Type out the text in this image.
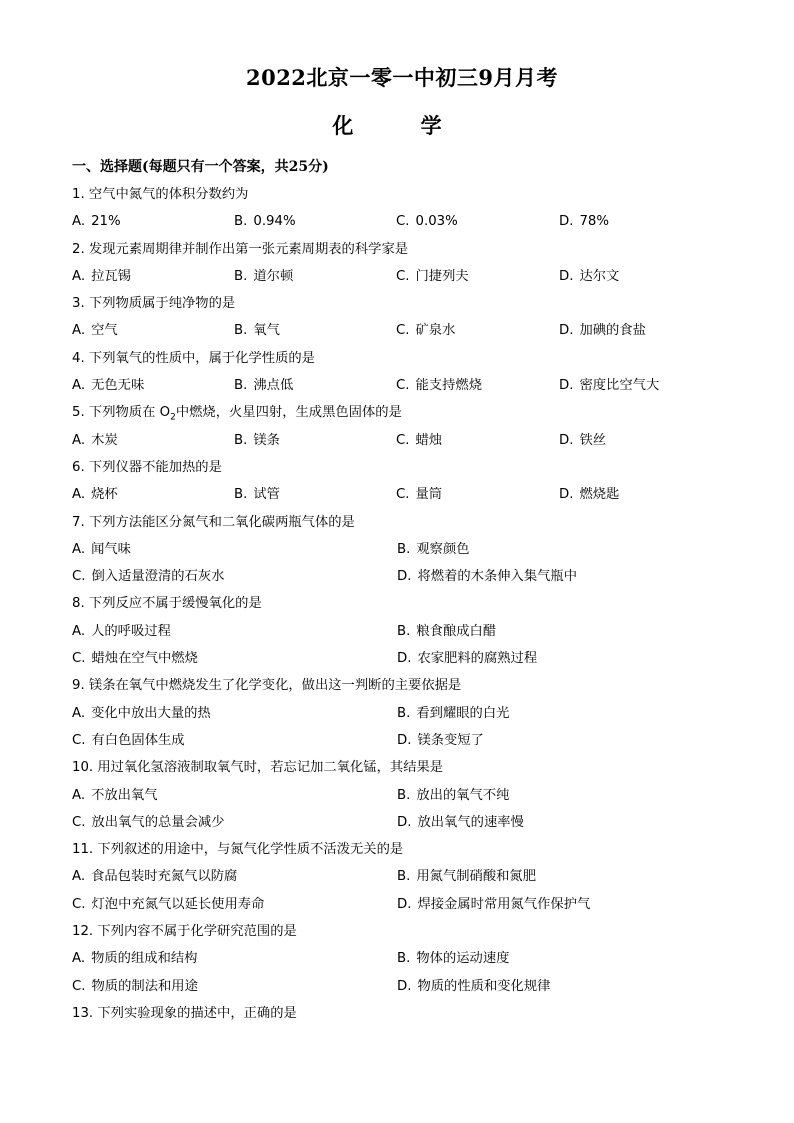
2022北京一零一中初三9月月考
化 学
一、选择题(每题只有一个答案，共25分)
1. 空气中氮气的体积分数约为
A. 21%	B. 0.94%	C. 0.03%	D. 78%
2. 发现元素周期律并制作出第一张元素周期表的科学家是
A. 拉瓦锡	B. 道尔顿	C. 门捷列夫	D. 达尔文
3. 下列物质属于纯净物的是
A. 空气	B. 氧气	C. 矿泉水	D. 加碘的食盐
4. 下列氧气的性质中，属于化学性质的是
A. 无色无味	B. 沸点低	C. 能支持燃烧	D. 密度比空气大
5. 下列物质在 $O_2$中燃烧，火星四射，生成黑色固体的是
A. 木炭	B. 镁条	C. 蜡烛	D. 铁丝
6. 下列仪器不能加热的是
A. 烧杯	B. 试管	C. 量筒	D. 燃烧匙
7. 下列方法能区分氮气和二氧化碳两瓶气体的是
A. 闻气味	B. 观察颜色
C. 倒入适量澄清的石灰水	D. 将燃着的木条伸入集气瓶中
8. 下列反应不属于缓慢氧化的是
A. 人的呼吸过程	B. 粮食酿成白醋
C. 蜡烛在空气中燃烧	D. 农家肥料的腐熟过程
9. 镁条在氧气中燃烧发生了化学变化，做出这一判断的主要依据是
A. 变化中放出大量的热	B. 看到耀眼的白光
C. 有白色固体生成	D. 镁条变短了
10. 用过氧化氢溶液制取氧气时，若忘记加二氧化锰，其结果是
A. 不放出氧气	B. 放出的氧气不纯
C. 放出氧气的总量会减少	D. 放出氧气的速率慢
11. 下列叙述的用途中，与氮气化学性质不活泼无关的是
A. 食品包装时充氮气以防腐	B. 用氮气制硝酸和氮肥
C. 灯泡中充氮气以延长使用寿命	D. 焊接金属时常用氮气作保护气
12. 下列内容不属于化学研究范围的是
A. 物质的组成和结构	B. 物体的运动速度
C. 物质的制法和用途	D. 物质的性质和变化规律
13. 下列实验现象的描述中，正确的是
